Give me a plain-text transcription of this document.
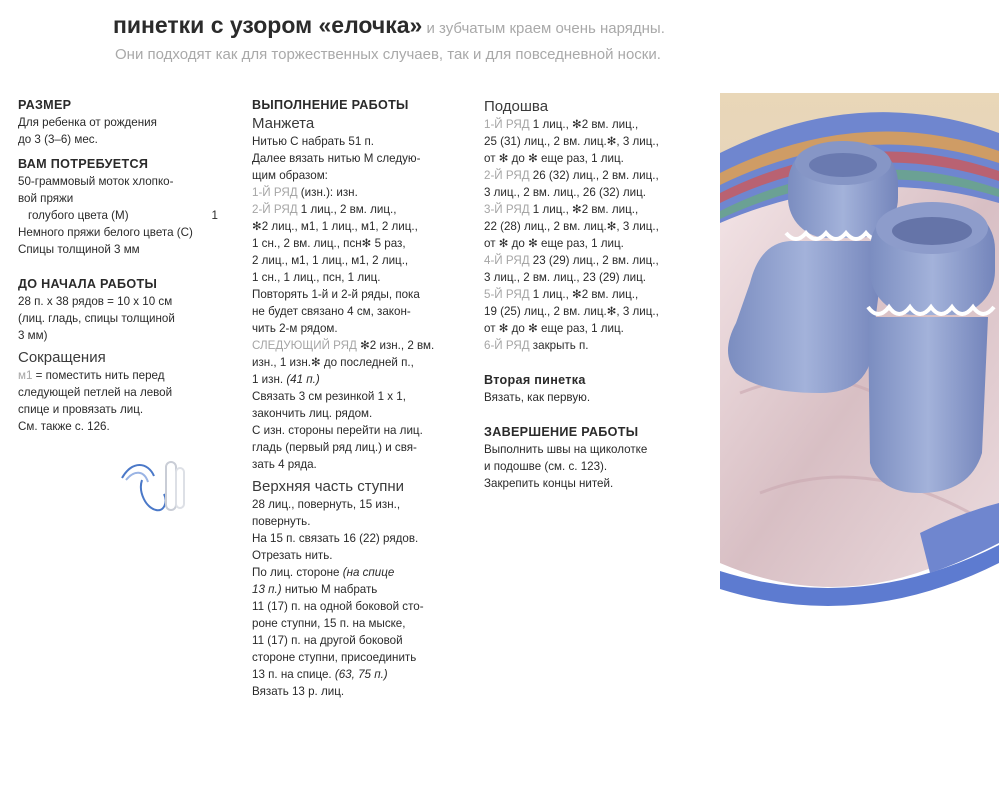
пинетки с узором «елочка» и зубчатым краем очень нарядны.
Они подходят как для торжественных случаев, так и для повседневной носки.
РАЗМЕР
Для ребенка от рождения
до 3 (3–6) мес.
ВАМ ПОТРЕБУЕТСЯ
50-граммовый моток хлопко-
вой пряжи
голубого цвета (М)	1
Немного пряжи белого цвета (С)
Спицы толщиной 3 мм
ДО НАЧАЛА РАБОТЫ
28 п. х 38 рядов = 10 х 10 см
(лиц. гладь, спицы толщиной
3 мм)
Сокращения
м1 = поместить нить перед
следующей петлей на левой
спице и провязать лиц.
См. также с. 126.
ВЫПОЛНЕНИЕ РАБОТЫ
Манжета
Нитью С набрать 51 п.
Далее вязать нитью М следую-
щим образом:
1-Й РЯД (изн.): изн.
2-Й РЯД 1 лиц., 2 вм. лиц.,
✻2 лиц., м1, 1 лиц., м1, 2 лиц.,
1 сн., 2 вм. лиц., псн✻ 5 раз,
2 лиц., м1, 1 лиц., м1, 2 лиц.,
1 сн., 1 лиц., псн, 1 лиц.
Повторять 1-й и 2-й ряды, пока
не будет связано 4 см, закон-
чить 2-м рядом.
СЛЕДУЮЩИЙ РЯД ✻2 изн., 2 вм.
изн., 1 изн.✻ до последней п.,
1 изн. (41 п.)
Связать 3 см резинкой 1 х 1,
закончить лиц. рядом.
С изн. стороны перейти на лиц.
гладь (первый ряд лиц.) и свя-
зать 4 ряда.
Верхняя часть ступни
28 лиц., повернуть, 15 изн.,
повернуть.
На 15 п. связать 16 (22) рядов.
Отрезать нить.
По лиц. стороне (на спице
13 п.) нитью М набрать
11 (17) п. на одной боковой сто-
роне ступни, 15 п. на мыске,
11 (17) п. на другой боковой
стороне ступни, присоединить
13 п. на спице. (63, 75 п.)
Вязать 13 р. лиц.
Подошва
1-Й РЯД 1 лиц., ✻2 вм. лиц.,
25 (31) лиц., 2 вм. лиц.✻, 3 лиц.,
от ✻ до ✻ еще раз, 1 лиц.
2-Й РЯД 26 (32) лиц., 2 вм. лиц.,
3 лиц., 2 вм. лиц., 26 (32) лиц.
3-Й РЯД 1 лиц., ✻2 вм. лиц.,
22 (28) лиц., 2 вм. лиц.✻, 3 лиц.,
от ✻ до ✻ еще раз, 1 лиц.
4-Й РЯД 23 (29) лиц., 2 вм. лиц.,
3 лиц., 2 вм. лиц., 23 (29) лиц.
5-Й РЯД 1 лиц., ✻2 вм. лиц.,
19 (25) лиц., 2 вм. лиц.✻, 3 лиц.,
от ✻ до ✻ еще раз, 1 лиц.
6-Й РЯД закрыть п.
Вторая пинетка
Вязать, как первую.
ЗАВЕРШЕНИЕ РАБОТЫ
Выполнить швы на щиколотке
и подошве (см. с. 123).
Закрепить концы нитей.
